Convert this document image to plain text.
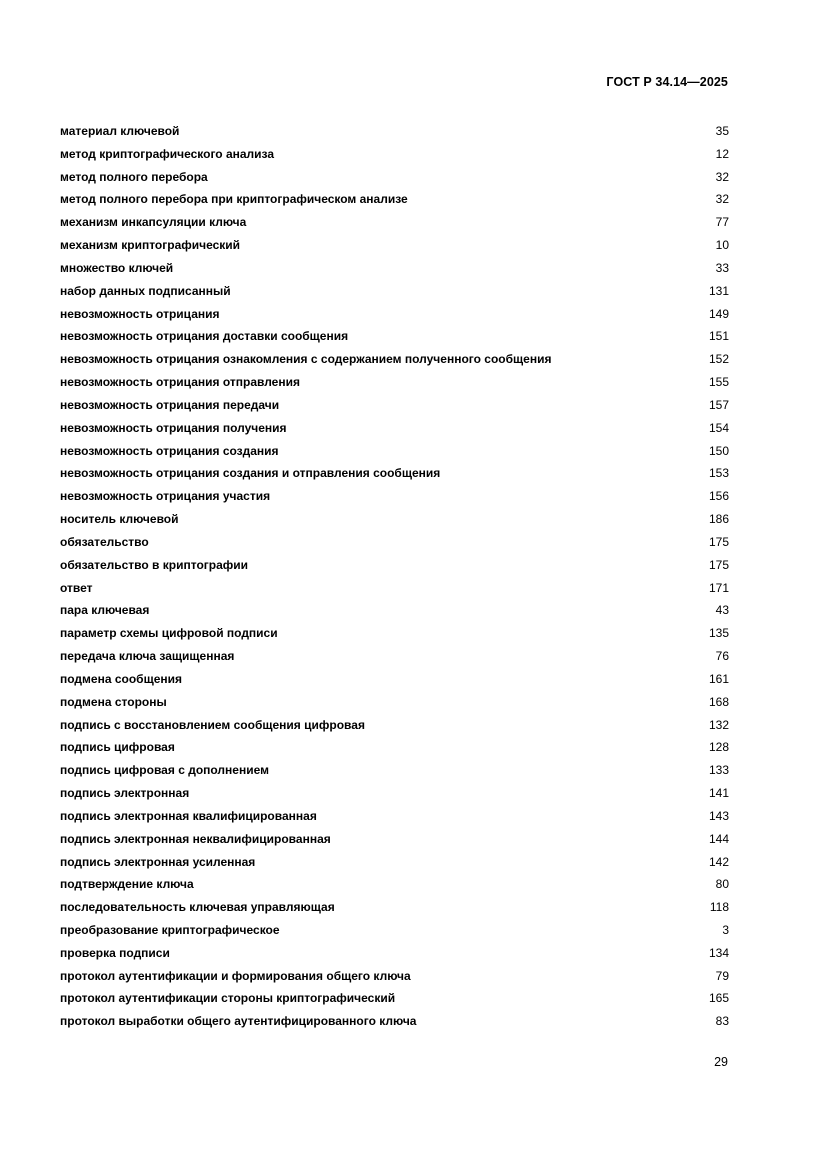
ГОСТ Р 34.14—2025
материал ключевой	35
метод криптографического анализа	12
метод полного перебора	32
метод полного перебора при криптографическом анализе	32
механизм инкапсуляции ключа	77
механизм криптографический	10
множество ключей	33
набор данных подписанный	131
невозможность отрицания	149
невозможность отрицания доставки сообщения	151
невозможность отрицания ознакомления с содержанием полученного сообщения	152
невозможность отрицания отправления	155
невозможность отрицания передачи	157
невозможность отрицания получения	154
невозможность отрицания создания	150
невозможность отрицания создания и отправления сообщения	153
невозможность отрицания участия	156
носитель ключевой	186
обязательство	175
обязательство в криптографии	175
ответ	171
пара ключевая	43
параметр схемы цифровой подписи	135
передача ключа защищенная	76
подмена сообщения	161
подмена стороны	168
подпись с восстановлением сообщения цифровая	132
подпись цифровая	128
подпись цифровая с дополнением	133
подпись электронная	141
подпись электронная квалифицированная	143
подпись электронная неквалифицированная	144
подпись электронная усиленная	142
подтверждение ключа	80
последовательность ключевая управляющая	118
преобразование криптографическое	3
проверка подписи	134
протокол аутентификации и формирования общего ключа	79
протокол аутентификации стороны криптографический	165
протокол выработки общего аутентифицированного ключа	83
29
